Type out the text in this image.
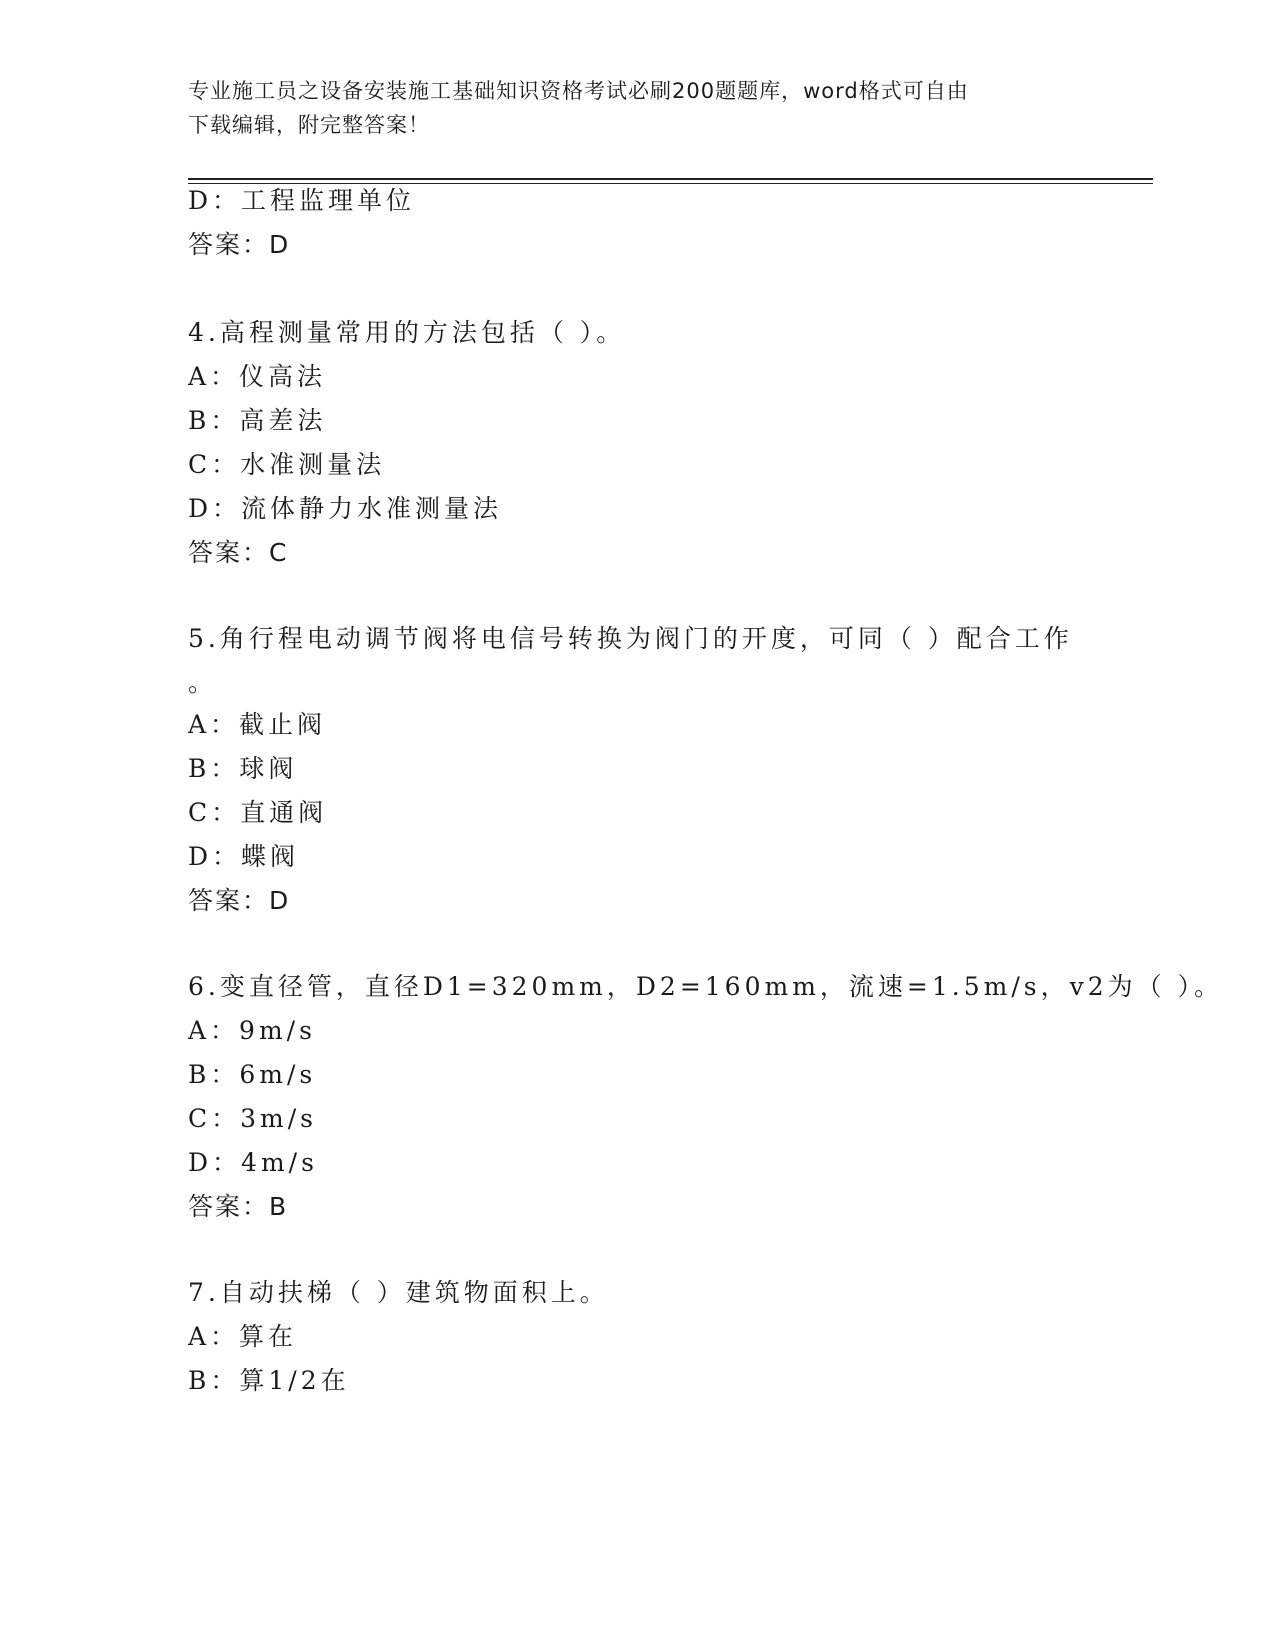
专业施工员之设备安装施工基础知识资格考试必刷200题题库，word格式可自由
下载编辑，附完整答案！
D：工程监理单位
答案：D
4.高程测量常用的方法包括（ ）。
A：仪高法
B：高差法
C：水准测量法
D：流体静力水准测量法
答案：C
5.角行程电动调节阀将电信号转换为阀门的开度，可同（ ）配合工作
。
A：截止阀
B：球阀
C：直通阀
D：蝶阀
答案：D
6.变直径管，直径D1=320mm，D2=160mm，流速=1.5m/s，v2为（ ）。
A：9m/s
B：6m/s
C：3m/s
D：4m/s
答案：B
7.自动扶梯（ ）建筑物面积上。
A：算在
B：算1/2在
